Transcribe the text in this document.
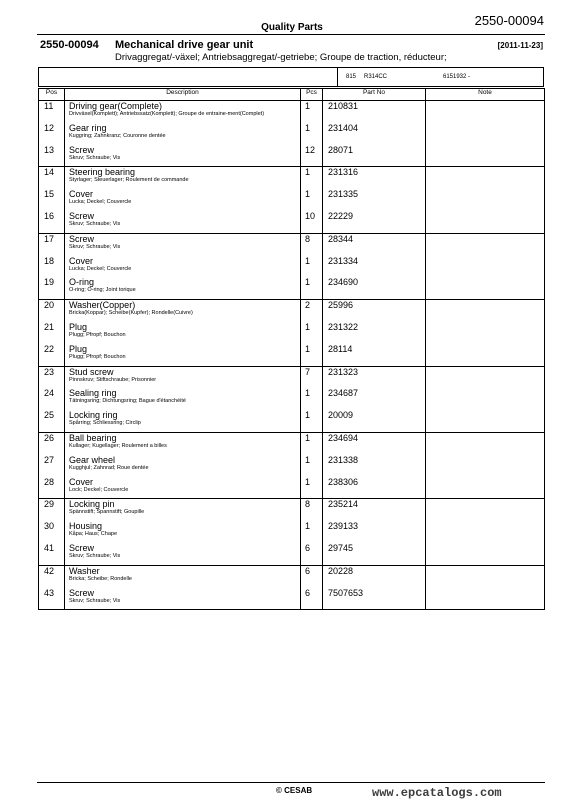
Quality Parts	2550-00094
2550-00094 Mechanical drive gear unit	[2011-11-23]
Drivaggregat/-växel; Antriebsaggregat/-getriebe; Groupe de traction, réducteur;
815 R314CC	6151932 -
Pos	Description	Pcs	Part No	Note
11	Driving gear(Complete)
Drivväxel(Komplett); Antriebssatz(Komplett); Groupe de entraine-ment(Complet)	1	210831	
12	Gear ring
Kuggring; Zahnkranz; Couronne dentée	1	231404	
13	Screw
Skruv; Schraube; Vis	12	28071	
14	Steering bearing
Styrlager; Steuerlager; Roulement de commande	1	231316	
15	Cover
Lucka; Deckel; Couvercle	1	231335	
16	Screw
Skruv; Schraube; Vis	10	22229	
17	Screw
Skruv; Schraube; Vis	8	28344	
18	Cover
Lucka; Deckel; Couvercle	1	231334	
19	O-ring
O-ring; O-ring; Joint torique	1	234690	
20	Washer(Copper)
Bricka(Koppar); Scheibe(Kupfer); Rondelle(Cuivre)	2	25996	
21	Plug
Plugg; Pfropf; Bouchon	1	231322	
22	Plug
Plugg; Pfropf; Bouchon	1	28114	
23	Stud screw
Pinnskruv; Stiftschraube; Prisonnier	7	231323	
24	Sealing ring
Tätningsring; Dichtungsring; Bague d'étanchéité	1	234687	
25	Locking ring
Spårring; Schliessring; Circlip	1	20009	
26	Ball bearing
Kullager; Kugellager; Roulement a billes	1	234694	
27	Gear wheel
Kugghjul; Zahnrad; Roue dentée	1	231338	
28	Cover
Lock; Deckel; Couvercle	1	238306	
29	Locking pin
Spännstift; Spannstift; Goupille	8	235214	
30	Housing
Kåpa; Haus; Chape	1	239133	
41	Screw
Skruv; Schraube; Vis	6	29745	
42	Washer
Bricka; Scheibe; Rondelle	6	20228	
43	Screw
Skruv; Schraube; Vis	6	7507653	
© CESAB	www.epcatalogs.com
